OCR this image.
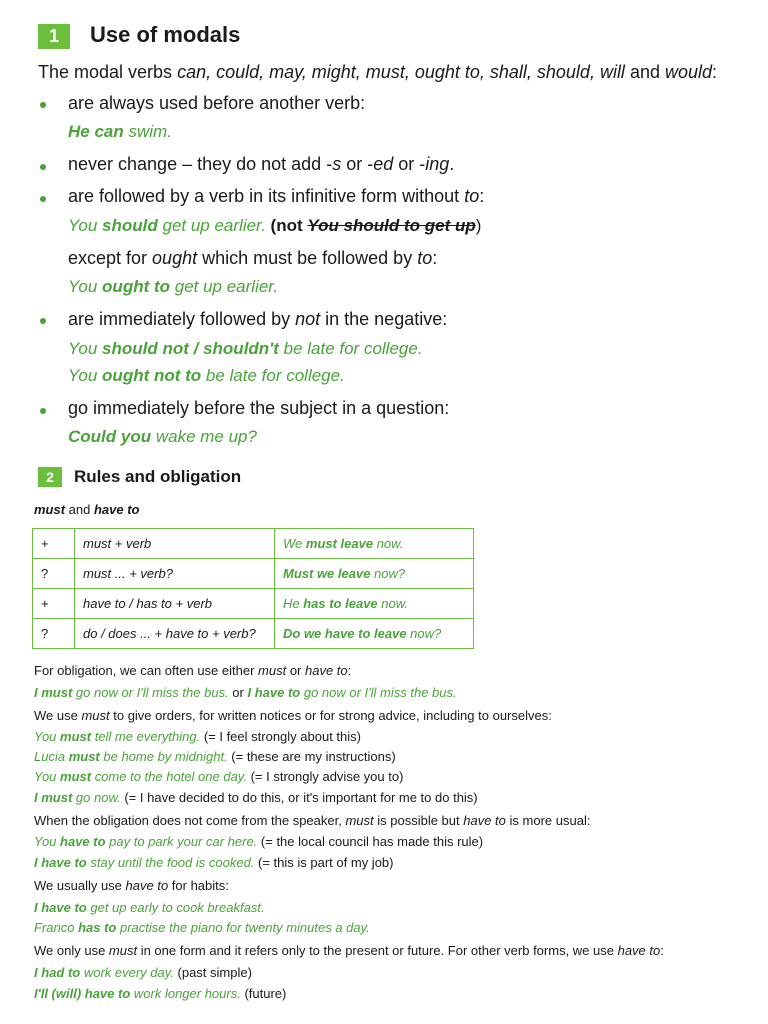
1	Use of modals
The modal verbs can, could, may, might, must, ought to, shall, should, will and would:
are always used before another verb:
He can swim.
never change – they do not add -s or -ed or -ing.
are followed by a verb in its infinitive form without to:
You should get up earlier. (not You should to get up)
except for ought which must be followed by to:
You ought to get up earlier.
are immediately followed by not in the negative:
You should not / shouldn't be late for college.
You ought not to be late for college.
go immediately before the subject in a question:
Could you wake me up?
2	Rules and obligation
must and have to
+	must + verb	We must leave now.
?	must ... + verb?	Must we leave now?
+	have to / has to + verb	He has to leave now.
?	do / does ... + have to + verb?	Do we have to leave now?
For obligation, we can often use either must or have to:
I must go now or I'll miss the bus. or I have to go now or I'll miss the bus.
We use must to give orders, for written notices or for strong advice, including to ourselves:
You must tell me everything. (= I feel strongly about this)
Lucia must be home by midnight. (= these are my instructions)
You must come to the hotel one day. (= I strongly advise you to)
I must go now. (= I have decided to do this, or it's important for me to do this)
When the obligation does not come from the speaker, must is possible but have to is more usual:
You have to pay to park your car here. (= the local council has made this rule)
I have to stay until the food is cooked. (= this is part of my job)
We usually use have to for habits:
I have to get up early to cook breakfast.
Franco has to practise the piano for twenty minutes a day.
We only use must in one form and it refers only to the present or future. For other verb forms, we use have to:
I had to work every day. (past simple)
I'll (will) have to work longer hours. (future)
